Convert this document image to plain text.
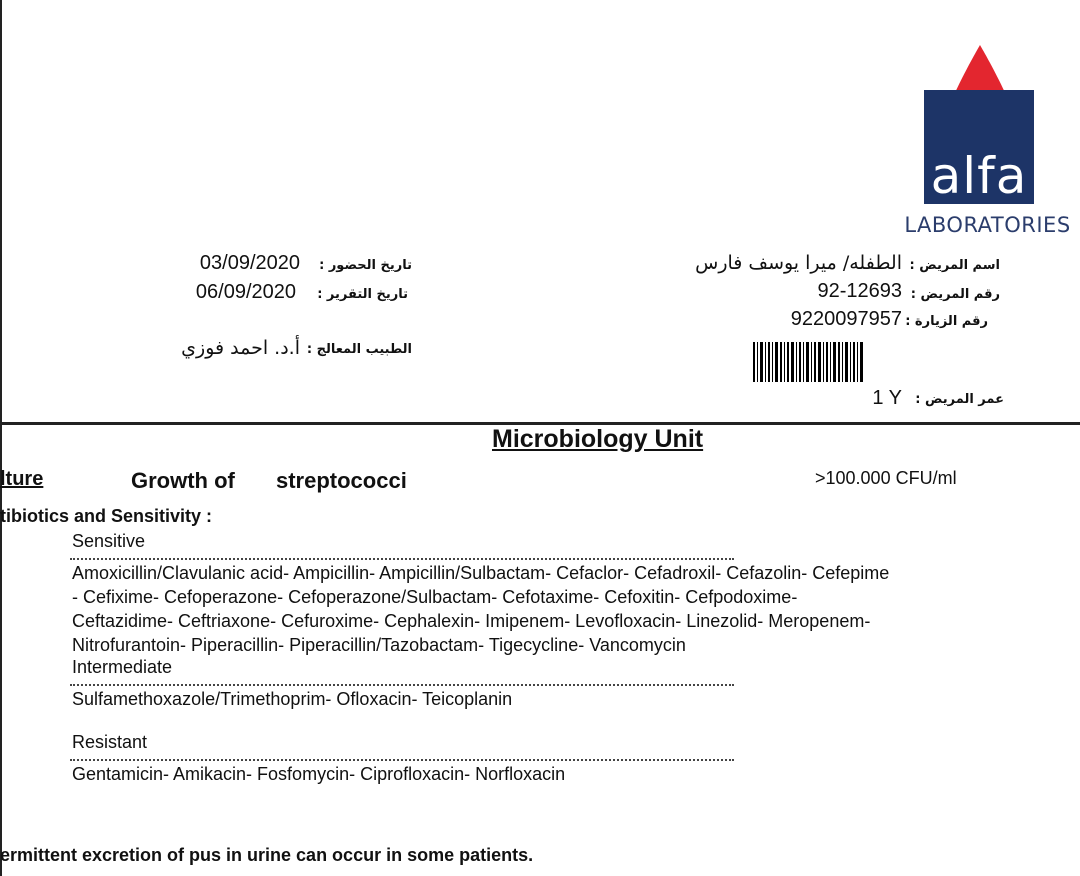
alfa
LABORATORIES
اسم المريض :
الطفله/ ميرا يوسف فارس
رقم المريض :
92-12693
رقم الزيارة :
9220097957
عمر المريض :
1 Y
تاريخ الحضور :
03/09/2020
تاريخ التقرير :
06/09/2020
الطبيب المعالج :
أ.د. احمد فوزي
Microbiology Unit
lture	Growth of streptococci	>100.000 CFU/ml
tibiotics and Sensitivity :
Sensitive
Amoxicillin/Clavulanic acid- Ampicillin- Ampicillin/Sulbactam- Cefaclor- Cefadroxil- Cefazolin- Cefepime
- Cefixime- Cefoperazone- Cefoperazone/Sulbactam- Cefotaxime- Cefoxitin- Cefpodoxime-
Ceftazidime- Ceftriaxone- Cefuroxime- Cephalexin- Imipenem- Levofloxacin- Linezolid- Meropenem-
Nitrofurantoin- Piperacillin- Piperacillin/Tazobactam- Tigecycline- Vancomycin
Intermediate
Sulfamethoxazole/Trimethoprim- Ofloxacin- Teicoplanin
Resistant
Gentamicin- Amikacin- Fosfomycin- Ciprofloxacin- Norfloxacin
ermittent excretion of pus in urine can occur in some patients.
